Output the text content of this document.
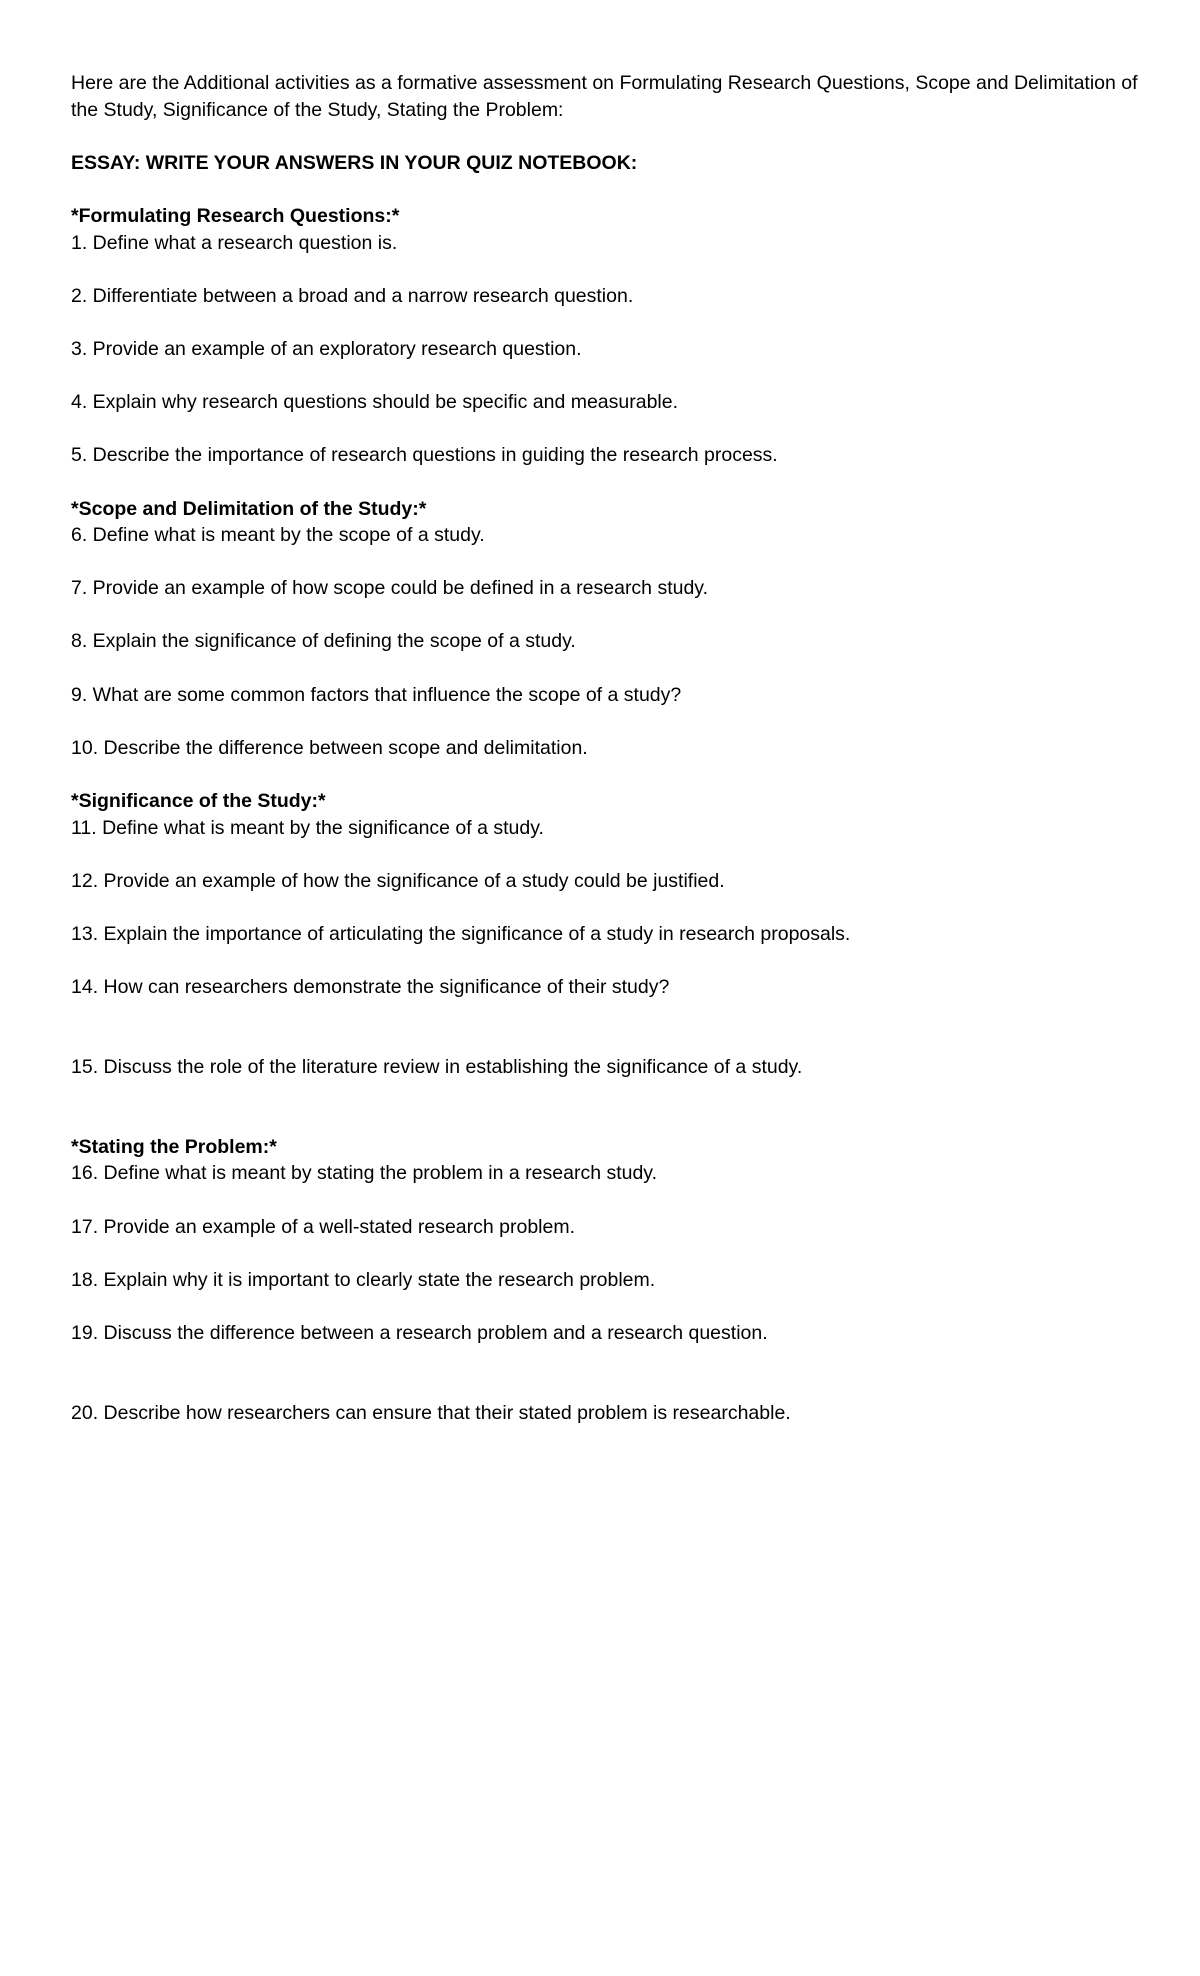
Here are the Additional activities as a formative assessment on Formulating Research Questions, Scope and Delimitation of the Study, Significance of the Study, Stating the Problem:

ESSAY: WRITE YOUR ANSWERS IN YOUR QUIZ NOTEBOOK:

*Formulating Research Questions:*

1. Define what a research question is.

2. Differentiate between a broad and a narrow research question.

3. Provide an example of an exploratory research question.

4. Explain why research questions should be specific and measurable.

5. Describe the importance of research questions in guiding the research process.

*Scope and Delimitation of the Study:*

6. Define what is meant by the scope of a study.

7. Provide an example of how scope could be defined in a research study.

8. Explain the significance of defining the scope of a study.

9. What are some common factors that influence the scope of a study?

10. Describe the difference between scope and delimitation.

*Significance of the Study:*

11. Define what is meant by the significance of a study.

12. Provide an example of how the significance of a study could be justified.

13. Explain the importance of articulating the significance of a study in research proposals.

14. How can researchers demonstrate the significance of their study?

15. Discuss the role of the literature review in establishing the significance of a study.

*Stating the Problem:*

16. Define what is meant by stating the problem in a research study.

17. Provide an example of a well-stated research problem.

18. Explain why it is important to clearly state the research problem.

19. Discuss the difference between a research problem and a research question.

20. Describe how researchers can ensure that their stated problem is researchable.
